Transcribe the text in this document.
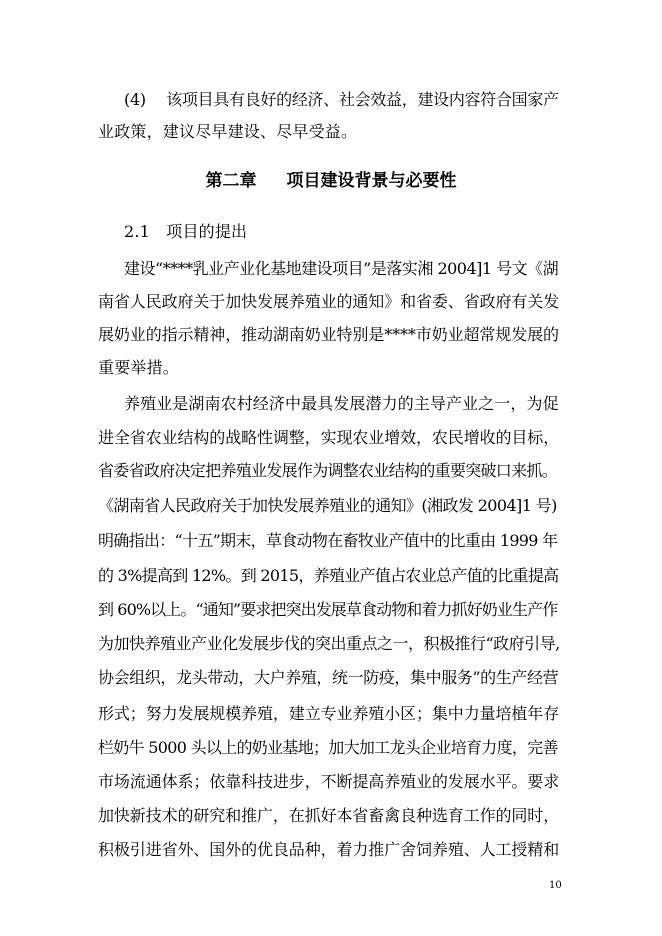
(4)　 该项目具有良好的经济、社会效益，建设内容符合国家产
业政策，建议尽早建设、尽早受益。
第二章 项目建设背景与必要性
2.1　项目的提出
建设“****乳业产业化基地建设项目”是落实湘 2004]1 号文《湖
南省人民政府关于加快发展养殖业的通知》和省委、省政府有关发
展奶业的指示精神，推动湖南奶业特别是****市奶业超常规发展的
重要举措。
养殖业是湖南农村经济中最具发展潜力的主导产业之一，为促
进全省农业结构的战略性调整，实现农业增效，农民增收的目标，
省委省政府决定把养殖业发展作为调整农业结构的重要突破口来抓。
《湖南省人民政府关于加快发展养殖业的通知》(湘政发 2004]1 号)
明确指出：“十五”期末，草食动物在畜牧业产值中的比重由 1999 年
的 3%提高到 12%。到 2015，养殖业产值占农业总产值的比重提高
到 60%以上。“通知”要求把突出发展草食动物和着力抓好奶业生产作
为加快养殖业产业化发展步伐的突出重点之一，积极推行“政府引导,
协会组织，龙头带动，大户养殖，统一防疫，集中服务”的生产经营
形式；努力发展规模养殖，建立专业养殖小区；集中力量培植年存
栏奶牛 5000 头以上的奶业基地；加大加工龙头企业培育力度，完善
市场流通体系；依靠科技进步，不断提高养殖业的发展水平。要求
加快新技术的研究和推广，在抓好本省畜禽良种选育工作的同时，
积极引进省外、国外的优良品种，着力推广舍饲养殖、人工授精和
10
